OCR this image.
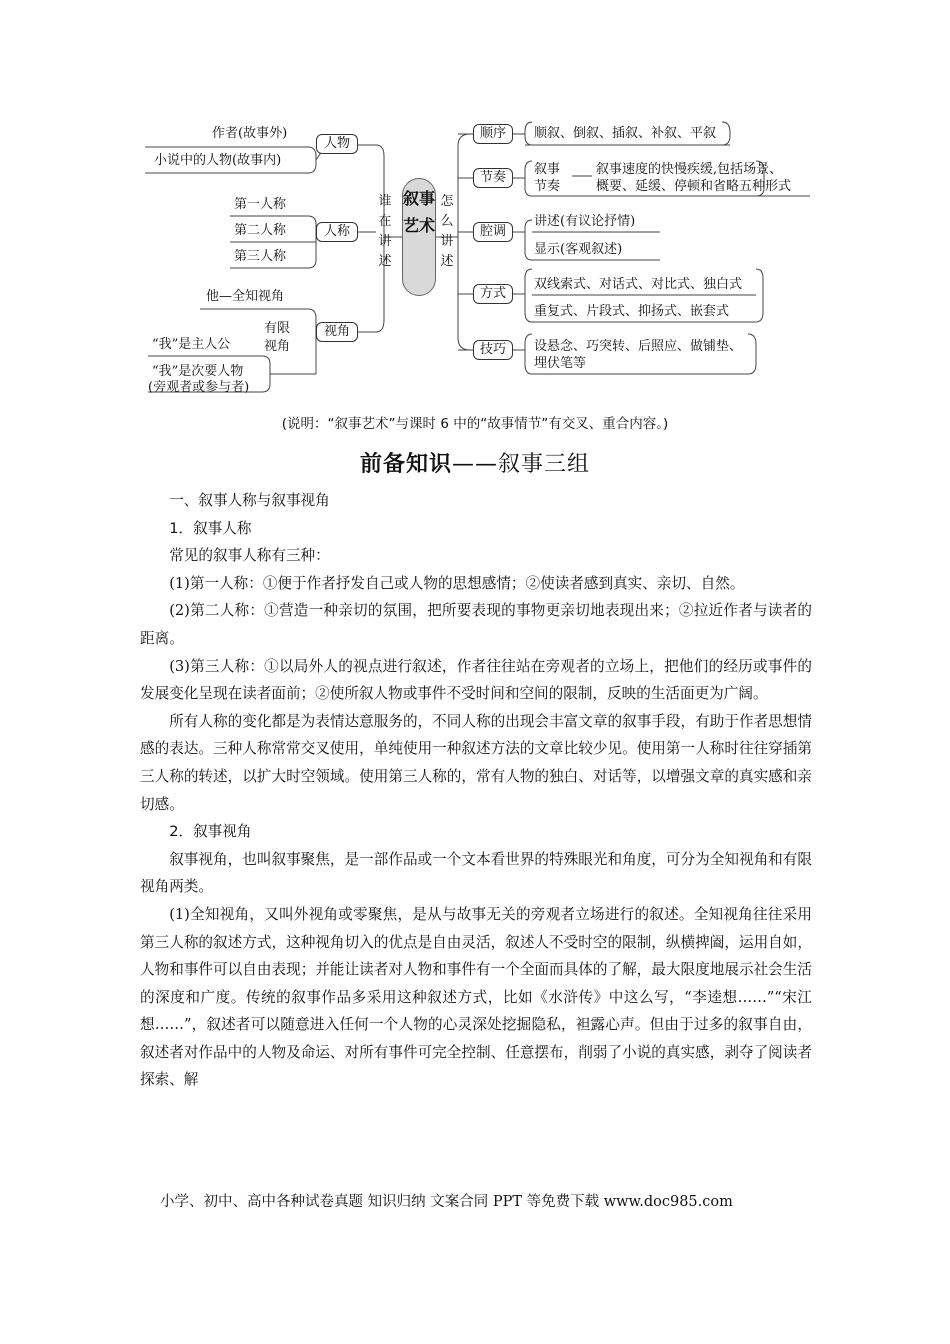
作者(故事外)
小说中的人物(故事内)
第一人称
第二人称
第三人称
他—全知视角
有限
视角
“我”是主人公
“我”是次要人物
(旁观者或参与者)
人物
人称
视角
谁在讲述
怎么讲述
叙事艺术
顺序
节奏
腔调
方式
技巧
顺叙、倒叙、插叙、补叙、平叙
叙事
节奏
叙事速度的快慢疾缓,包括场景、
概要、延缓、停顿和省略五种形式
讲述(有议论抒情)
显示(客观叙述)
双线索式、对话式、对比式、独白式
重复式、片段式、抑扬式、嵌套式
设悬念、巧突转、后照应、做铺垫、
埋伏笔等
(说明：“叙事艺术”与课时 6 中的“故事情节”有交叉、重合内容。)
前备知识——叙事三组

一、叙事人称与叙事视角

1．叙事人称

常见的叙事人称有三种：

(1)第一人称：①便于作者抒发自己或人物的思想感情；②使读者感到真实、亲切、自然。

(2)第二人称：①营造一种亲切的氛围，把所要表现的事物更亲切地表现出来；②拉近作者与读者的距离。

(3)第三人称：①以局外人的视点进行叙述，作者往往站在旁观者的立场上，把他们的经历或事件的发展变化呈现在读者面前；②使所叙人物或事件不受时间和空间的限制，反映的生活面更为广阔。

所有人称的变化都是为表情达意服务的，不同人称的出现会丰富文章的叙事手段，有助于作者思想情感的表达。三种人称常常交叉使用，单纯使用一种叙述方法的文章比较少见。使用第一人称时往往穿插第三人称的转述，以扩大时空领域。使用第三人称的，常有人物的独白、对话等，以增强文章的真实感和亲切感。

2．叙事视角

叙事视角，也叫叙事聚焦，是一部作品或一个文本看世界的特殊眼光和角度，可分为全知视角和有限视角两类。

(1)全知视角，又叫外视角或零聚焦，是从与故事无关的旁观者立场进行的叙述。全知视角往往采用第三人称的叙述方式，这种视角切入的优点是自由灵活，叙述人不受时空的限制，纵横捭阖，运用自如，人物和事件可以自由表现；并能让读者对人物和事件有一个全面而具体的了解，最大限度地展示社会生活的深度和广度。传统的叙事作品多采用这种叙述方式，比如《水浒传》中这么写，“李逵想……”“宋江想……”，叙述者可以随意进入任何一个人物的心灵深处挖掘隐私，袒露心声。但由于过多的叙事自由，叙述者对作品中的人物及命运、对所有事件可完全控制、任意摆布，削弱了小说的真实感，剥夺了阅读者探索、解

小学、初中、高中各种试卷真题 知识归纳 文案合同 PPT 等免费下载 www.doc985.com
